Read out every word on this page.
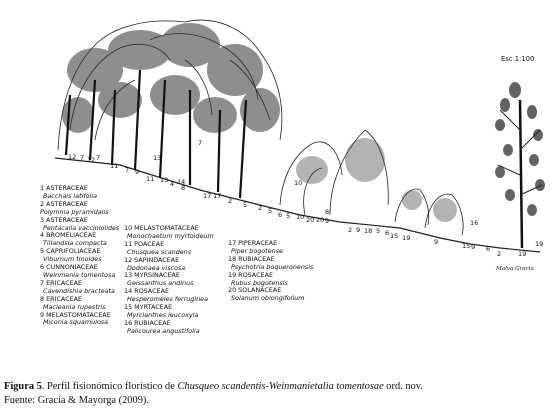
12 7 12 7
11 7 9
11
13
13 4 14
8
7
17 17
2 5 2 5 6
10
5 10 20 20 9
8
2 9 18 5 6 15 19	9
16
15 9 6
2	19
19
Esc 1:100
Malva Gracia
1 ASTERACEAE
Bacchais latifolia
2 ASTERACEAE
Polymnia pyramidalis
3 ASTERACEAE
Pentacalia vacciniolides
4 BROMELIACEAE
Tillandsia compacta
5 CAPRIFOLIACEAE
Viburnum tinoides
6 CUNNONIACEAE
Weinmania tomentosa
7 ERICACEAE
Cavendishia bracteata
8 ERICACEAE
Macleania rupestris
9 MELASTOMATACEAE
Miconia squamulosa
10 MELASTOMATACEAE
Monochaetum myrtoideum
11 POACEAE
Chusquea scandens
12 SAPINDACEAE
Dodonaea viscosa
13 MYRSINACEAE
Geissanthus andinus
14 ROSACEAE
Hesperomeles ferruginea
15 MYRTACEAE
Myrcianthes leucoxyla
16 RUBIACEAE
Palicourea angustifolia
17 PIPERACEAE
Piper bogotense
18 RUBIACEAE
Psychotria boqueronensis
19 ROSACEAE
Rubus bogotensis
20 SOLANACEAE
Solanum oblongifolium
Figura 5. Perfil fisionómico florístico de Chusqueo scandentis-Weinmanietalia tomentosae ord. nov.
Fuente: Gracia & Mayorga (2009).
